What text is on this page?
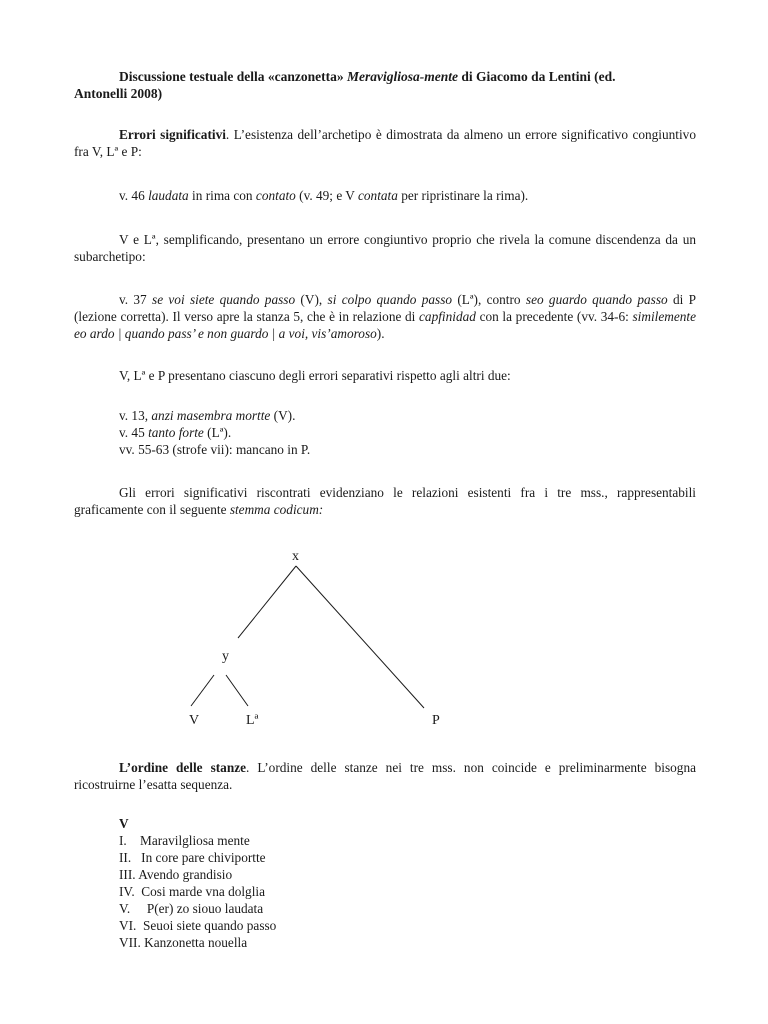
Discussione testuale della «canzonetta» Meravigliosa-mente di Giacomo da Lentini (ed.
Antonelli 2008)

Errori significativi. L’esistenza dell’archetipo è dimostrata da almeno un errore significativo congiuntivo fra V, Lª e P:

v. 46 laudata in rima con contato (v. 49; e V contata per ripristinare la rima).

V e Lª, semplificando, presentano un errore congiuntivo proprio che rivela la comune discendenza da un subarchetipo:

v. 37 se voi siete quando passo (V), si colpo quando passo (Lª), contro seo guardo quando passo di P (lezione corretta). Il verso apre la stanza 5, che è in relazione di capfinidad con la precedente (vv. 34-6: similemente eo ardo | quando pass’ e non guardo | a voi, vis’amoroso).

V, Lª e P presentano ciascuno degli errori separativi rispetto agli altri due:

v. 13, anzi masembra mortte (V).
v. 45 tanto forte (Lª).
vv. 55-63 (strofe vii): mancano in P.

Gli errori significativi riscontrati evidenziano le relazioni esistenti fra i tre mss., rappresentabili graficamente con il seguente stemma codicum:

L’ordine delle stanze. L’ordine delle stanze nei tre mss. non coincide e preliminarmente bisogna ricostruirne l’esatta sequenza.

V
I.    Maravilgliosa mente
II.   In core pare chiviportte
III. Avendo grandisio
IV.  Cosi marde vna dolglia
V.     P(er) zo siouo laudata
VI.  Seuoi siete quando passo
VII. Kanzonetta nouella
x
y
V	Lª	P
